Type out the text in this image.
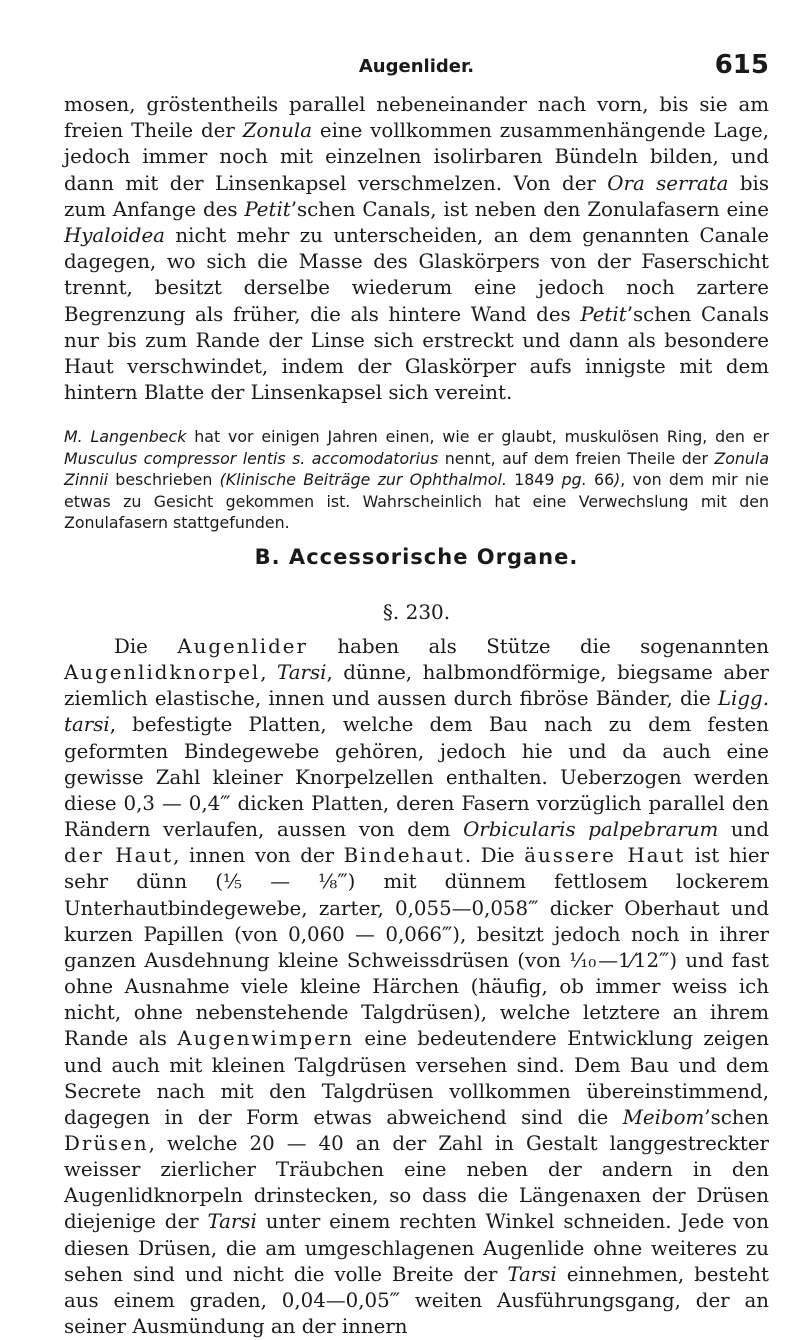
Augenlider.	615

mosen, gröstentheils parallel nebeneinander nach vorn, bis sie am freien Theile der Zonula eine vollkommen zusammenhängende Lage, jedoch immer noch mit einzelnen isolirbaren Bündeln bilden, und dann mit der Linsenkapsel verschmelzen. Von der Ora serrata bis zum Anfange des Petit’schen Canals, ist neben den Zonulafasern eine Hyaloidea nicht mehr zu unterscheiden, an dem genannten Canale dagegen, wo sich die Masse des Glaskörpers von der Faserschicht trennt, besitzt derselbe wiederum eine jedoch noch zartere Begrenzung als früher, die als hintere Wand des Petit’schen Canals nur bis zum Rande der Linse sich erstreckt und dann als besondere Haut verschwindet, indem der Glaskörper aufs innigste mit dem hintern Blatte der Linsenkapsel sich vereint.

M. Langenbeck hat vor einigen Jahren einen, wie er glaubt, muskulösen Ring, den er Musculus compressor lentis s. accomodatorius nennt, auf dem freien Theile der Zonula Zinnii beschrieben (Klinische Beiträge zur Ophthalmol. 1849 pg. 66), von dem mir nie etwas zu Gesicht gekommen ist. Wahrscheinlich hat eine Verwechslung mit den Zonulafasern stattgefunden.

B. Accessorische Organe.

§. 230.

Die Augenlider haben als Stütze die sogenannten Augenlidknorpel, Tarsi, dünne, halbmondförmige, biegsame aber ziemlich elastische, innen und aussen durch fibröse Bänder, die Ligg. tarsi, befestigte Platten, welche dem Bau nach zu dem festen geformten Bindegewebe gehören, jedoch hie und da auch eine gewisse Zahl kleiner Knorpelzellen enthalten. Ueberzogen werden diese 0,3 — 0,4‴ dicken Platten, deren Fasern vorzüglich parallel den Rändern verlaufen, aussen von dem Orbicularis palpebrarum und der Haut, innen von der Bindehaut. Die äussere Haut ist hier sehr dünn (⅕ — ⅛‴) mit dünnem fettlosem lockerem Unterhautbindegewebe, zarter, 0,055—0,058‴ dicker Oberhaut und kurzen Papillen (von 0,060 — 0,066‴), besitzt jedoch noch in ihrer ganzen Ausdehnung kleine Schweissdrüsen (von ⅒—1⁄12‴) und fast ohne Ausnahme viele kleine Härchen (häufig, ob immer weiss ich nicht, ohne nebenstehende Talgdrüsen), welche letztere an ihrem Rande als Augenwimpern eine bedeutendere Entwicklung zeigen und auch mit kleinen Talgdrüsen versehen sind. Dem Bau und dem Secrete nach mit den Talgdrüsen vollkommen übereinstimmend, dagegen in der Form etwas abweichend sind die Meibom’schen Drüsen, welche 20 — 40 an der Zahl in Gestalt langgestreckter weisser zierlicher Träubchen eine neben der andern in den Augenlidknorpeln drinstecken, so dass die Längenaxen der Drüsen diejenige der Tarsi unter einem rechten Winkel schneiden. Jede von diesen Drüsen, die am umgeschlagenen Augenlide ohne weiteres zu sehen sind und nicht die volle Breite der Tarsi einnehmen, besteht aus einem graden, 0,04—0,05‴ weiten Ausführungsgang, der an seiner Ausmündung an der innern
